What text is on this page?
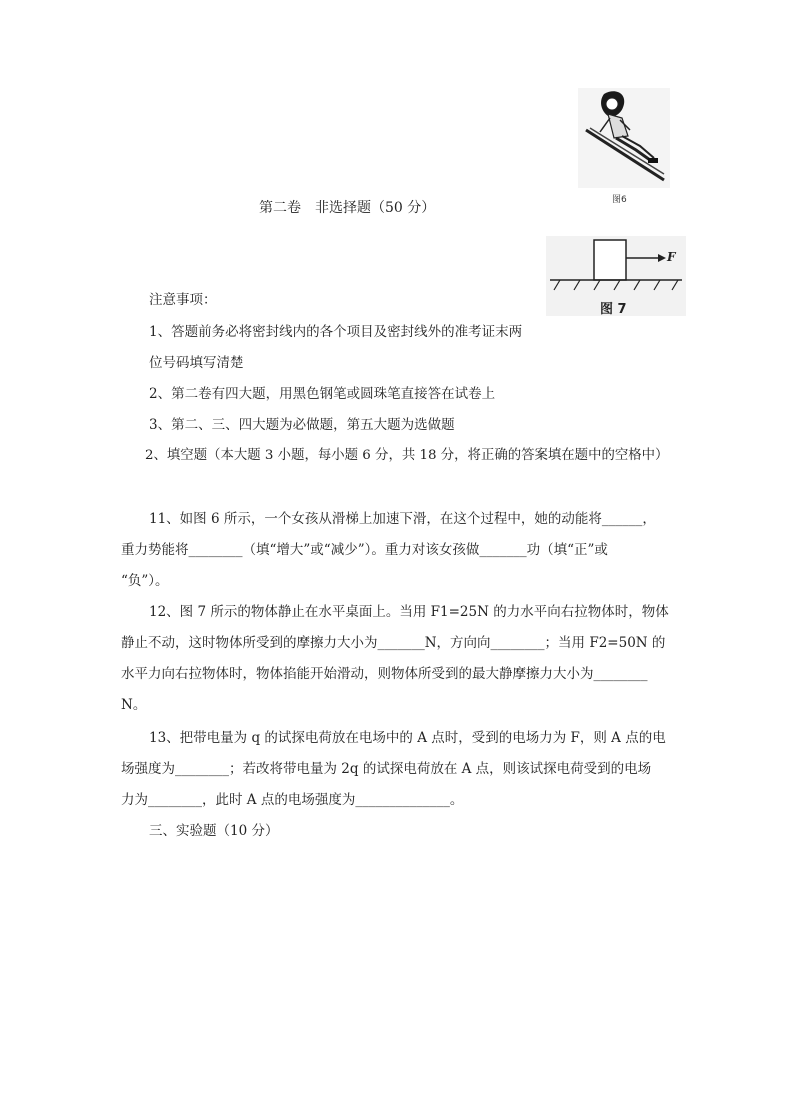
图6
第二卷　非选择题（50 分）
F
图 7
注意事项：
1、答题前务必将密封线内的各个项目及密封线外的准考证末两
位号码填写清楚
2、第二卷有四大题，用黑色钢笔或圆珠笔直接答在试卷上
3、第二、三、四大题为必做题，第五大题为选做题
2、填空题（本大题 3 小题，每小题 6 分，共 18 分，将正确的答案填在题中的空格中）
11、如图 6 所示，一个女孩从滑梯上加速下滑，在这个过程中，她的动能将______，
重力势能将________（填“增大”或“减少”）。重力对该女孩做_______功（填“正”或
“负”）。
12、图 7 所示的物体静止在水平桌面上。当用 F1=25N 的力水平向右拉物体时，物体
静止不动，这时物体所受到的摩擦力大小为_______N，方向向________；当用 F2=50N 的
水平力向右拉物体时，物体掐能开始滑动，则物体所受到的最大静摩擦力大小为________
N。
13、把带电量为 q 的试探电荷放在电场中的 A 点时，受到的电场力为 F，则 A 点的电
场强度为________；若改将带电量为 2q 的试探电荷放在 A 点，则该试探电荷受到的电场
力为________，此时 A 点的电场强度为______________。
三、实验题（10 分）
